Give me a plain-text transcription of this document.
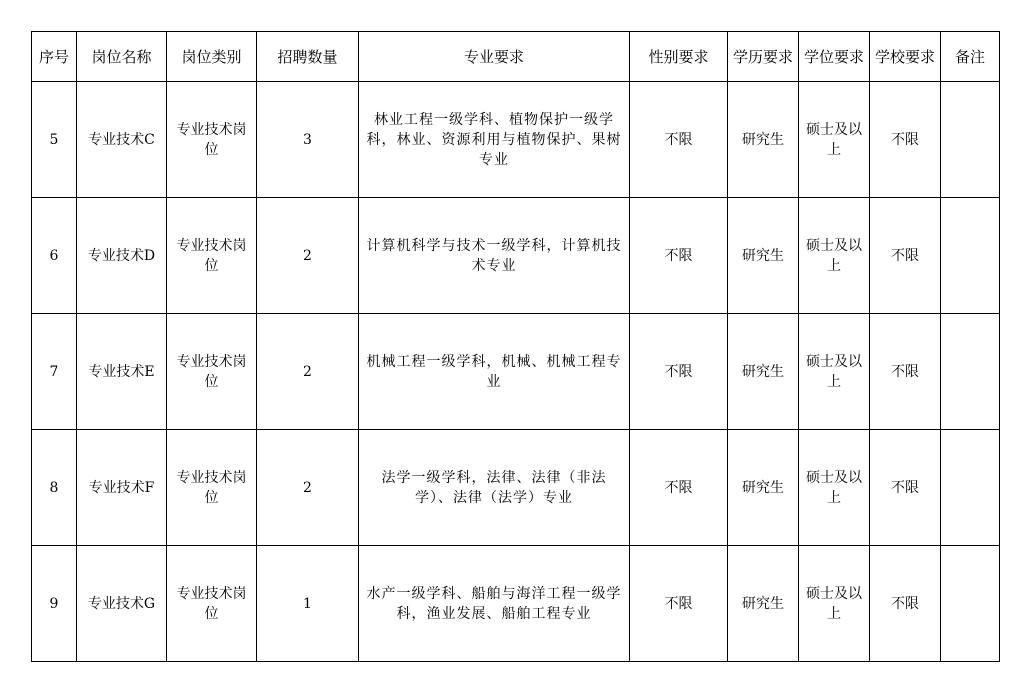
序号	岗位名称	岗位类别	招聘数量	专业要求	性别要求	学历要求	学位要求	学校要求	备注
5	专业技术C	专业技术岗位	3	林业工程一级学科、植物保护一级学科，林业、资源利用与植物保护、果树专业	不限	研究生	硕士及以上	不限	
6	专业技术D	专业技术岗位	2	计算机科学与技术一级学科，计算机技术专业	不限	研究生	硕士及以上	不限	
7	专业技术E	专业技术岗位	2	机械工程一级学科，机械、机械工程专业	不限	研究生	硕士及以上	不限	
8	专业技术F	专业技术岗位	2	法学一级学科，法律、法律（非法学）、法律（法学）专业	不限	研究生	硕士及以上	不限	
9	专业技术G	专业技术岗位	1	水产一级学科、船舶与海洋工程一级学科，渔业发展、船舶工程专业	不限	研究生	硕士及以上	不限	
